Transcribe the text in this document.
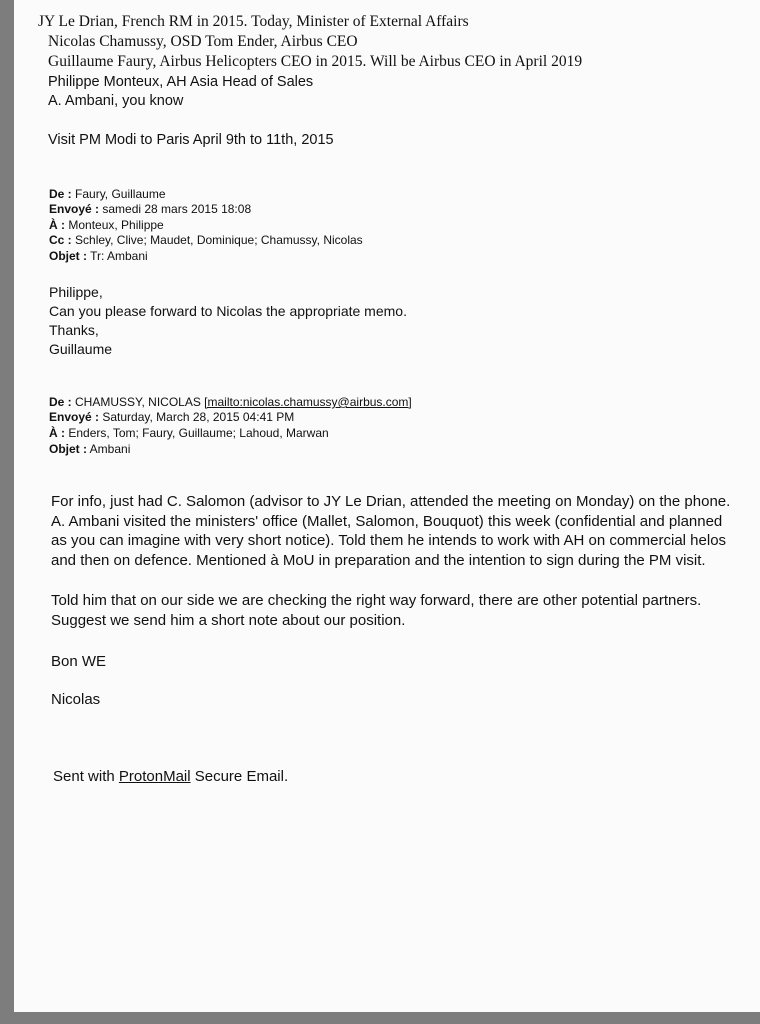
JY Le Drian, French RM in 2015. Today, Minister of External Affairs
Nicolas Chamussy, OSD Tom Ender, Airbus CEO
Guillaume Faury, Airbus Helicopters CEO in 2015. Will be Airbus CEO in April 2019
Philippe Monteux, AH Asia Head of Sales
A. Ambani, you know
Visit PM Modi to Paris April 9th to 11th, 2015
De : Faury, Guillaume
Envoyé : samedi 28 mars 2015 18:08
À : Monteux, Philippe
Cc : Schley, Clive; Maudet, Dominique; Chamussy, Nicolas
Objet : Tr: Ambani
Philippe,
Can you please forward to Nicolas the appropriate memo.
Thanks,
Guillaume
De : CHAMUSSY, NICOLAS [mailto:nicolas.chamussy@airbus.com]
Envoyé : Saturday, March 28, 2015 04:41 PM
À : Enders, Tom; Faury, Guillaume; Lahoud, Marwan
Objet : Ambani
For info, just had C. Salomon (advisor to JY Le Drian, attended the meeting on Monday) on the phone.
A. Ambani visited the ministers' office (Mallet, Salomon, Bouquot) this week (confidential and planned
as you can imagine with very short notice). Told them he intends to work with AH on commercial helos
and then on defence. Mentioned à MoU in preparation and the intention to sign during the PM visit.
Told him that on our side we are checking the right way forward, there are other potential partners.
Suggest we send him a short note about our position.
Bon WE
Nicolas
Sent with ProtonMail Secure Email.
